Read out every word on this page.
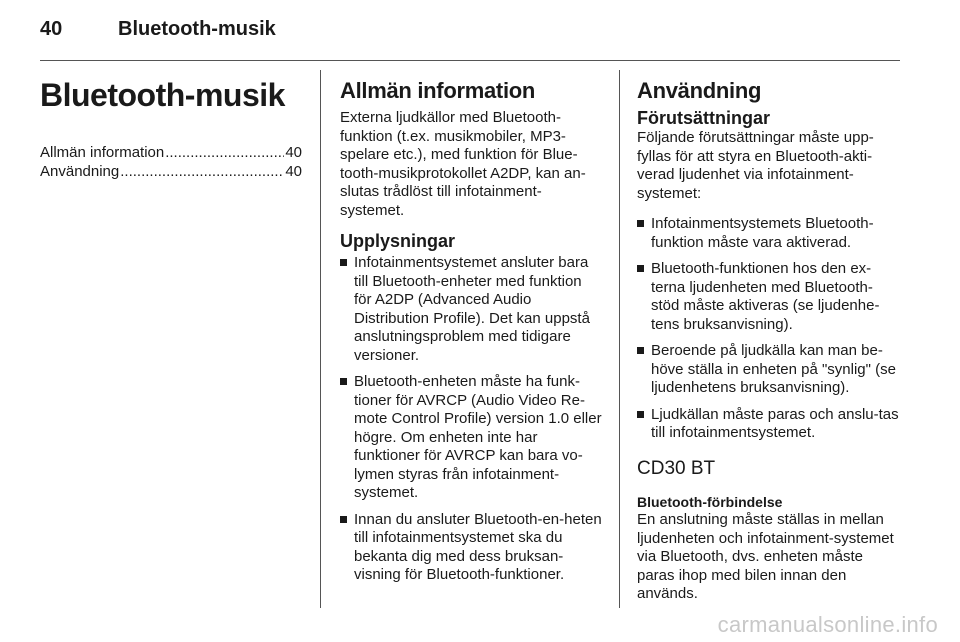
40	Bluetooth-musik
Bluetooth-musik
Allmän information .....	40
Användning .....	40
Allmän information

Externa ljudkällor med Bluetooth-funktion (t.ex. musikmobiler, MP3-spelare etc.), med funktion för Blue-tooth-musikprotokollet A2DP, kan an-slutas trådlöst till infotainment-systemet.

Upplysningar
Infotainmentsystemet ansluter bara till Bluetooth-enheter med funktion för A2DP (Advanced Audio Distribution Profile). Det kan uppstå anslutningsproblem med tidigare versioner.
Bluetooth-enheten måste ha funk-tioner för AVRCP (Audio Video Re-mote Control Profile) version 1.0 eller högre. Om enheten inte har funktioner för AVRCP kan bara vo-lymen styras från infotainment-systemet.
Innan du ansluter Bluetooth-en-heten till infotainmentsystemet ska du bekanta dig med dess bruksan-visning för Bluetooth-funktioner.
Användning
Förutsättningar

Följande förutsättningar måste upp-fyllas för att styra en Bluetooth-akti-verad ljudenhet via infotainment-systemet:

Infotainmentsystemets Bluetooth-funktion måste vara aktiverad.
Bluetooth-funktionen hos den ex-terna ljudenheten med Bluetooth-stöd måste aktiveras (se ljudenhe-tens bruksanvisning).
Beroende på ljudkälla kan man be-höve ställa in enheten på "synlig" (se ljudenhetens bruksanvisning).
Ljudkällan måste paras och anslu-tas till infotainmentsystemet.
CD30 BT
Bluetooth-förbindelse

En anslutning måste ställas in mellan ljudenheten och infotainment-systemet via Bluetooth, dvs. enheten måste paras ihop med bilen innan den används.

carmanualsonline.info
